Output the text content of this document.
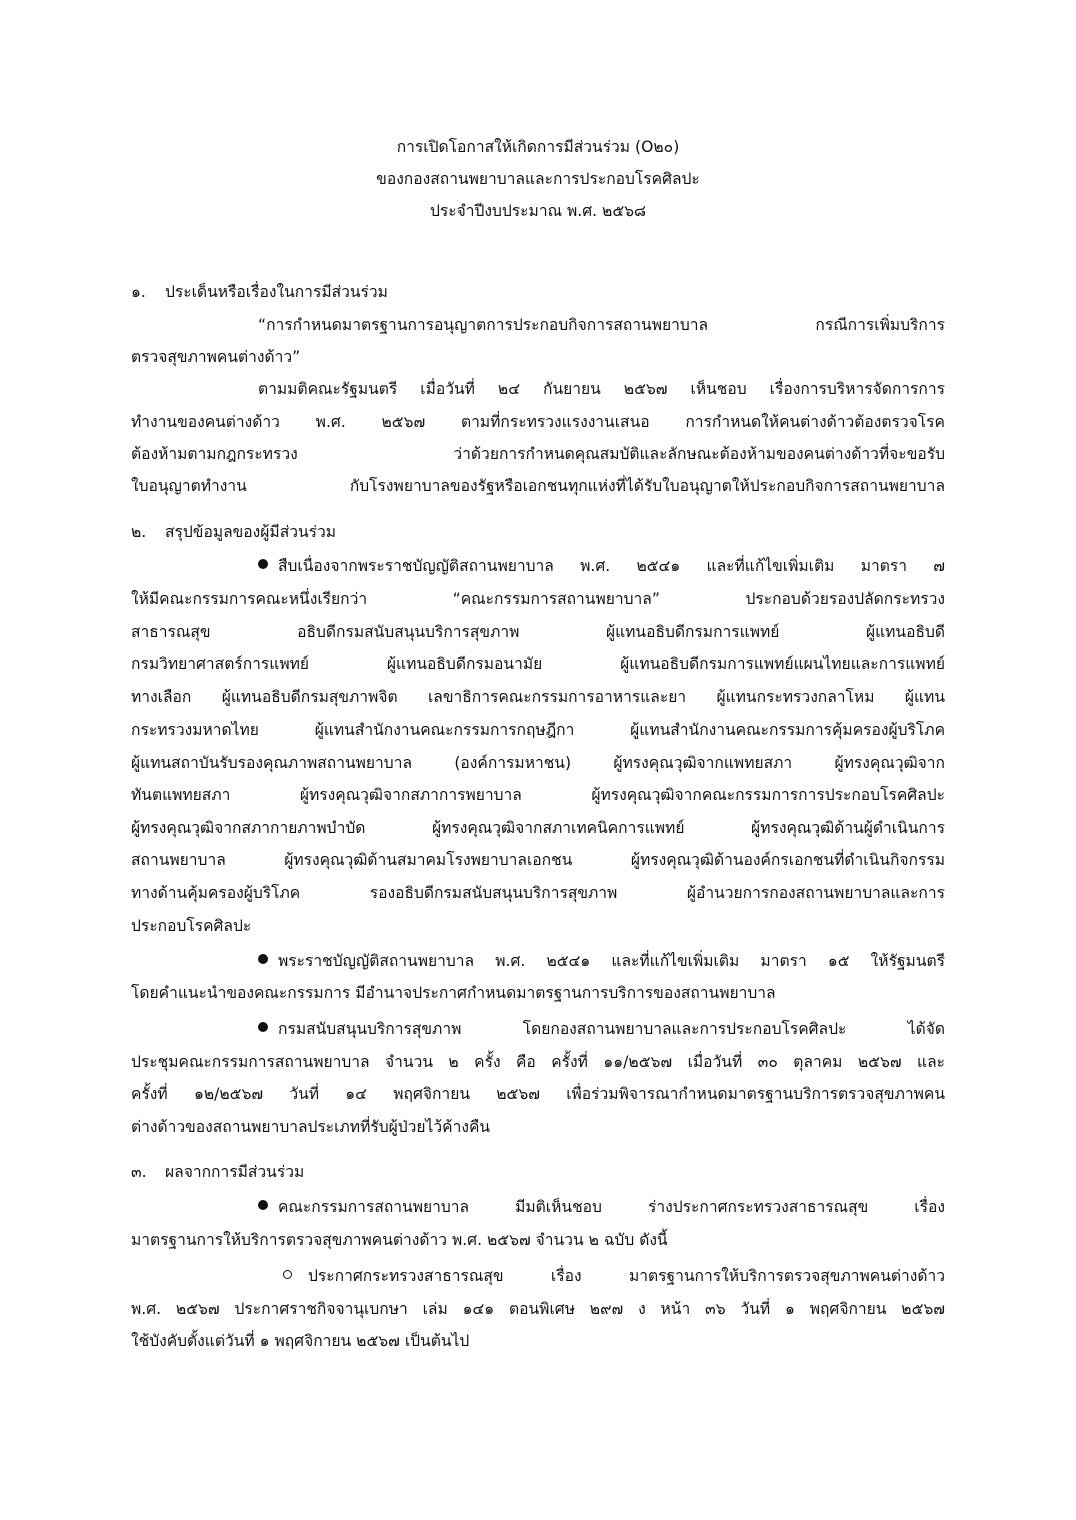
การเปิดโอกาสให้เกิดการมีส่วนร่วม (O๒๐)
ของกองสถานพยาบาลและการประกอบโรคศิลปะ
ประจำปีงบประมาณ พ.ศ. ๒๕๖๘
๑. ประเด็นหรือเรื่องในการมีส่วนร่วม
“การกำหนดมาตรฐานการอนุญาตการประกอบกิจการสถานพยาบาล กรณีการเพิ่มบริการ
ตรวจสุขภาพคนต่างด้าว”
ตามมติคณะรัฐมนตรี เมื่อวันที่ ๒๔ กันยายน ๒๕๖๗ เห็นชอบ เรื่องการบริหารจัดการการ
ทำงานของคนต่างด้าว พ.ศ. ๒๕๖๗ ตามที่กระทรวงแรงงานเสนอ การกำหนดให้คนต่างด้าวต้องตรวจโรค
ต้องห้ามตามกฎกระทรวง ว่าด้วยการกำหนดคุณสมบัติและลักษณะต้องห้ามของคนต่างด้าวที่จะขอรับ
ใบอนุญาตทำงาน กับโรงพยาบาลของรัฐหรือเอกชนทุกแห่งที่ได้รับใบอนุญาตให้ประกอบกิจการสถานพยาบาล
๒. สรุปข้อมูลของผู้มีส่วนร่วม
สืบเนื่องจากพระราชบัญญัติสถานพยาบาล พ.ศ. ๒๕๔๑ และที่แก้ไขเพิ่มเติม มาตรา ๗
ให้มีคณะกรรมการคณะหนึ่งเรียกว่า “คณะกรรมการสถานพยาบาล” ประกอบด้วยรองปลัดกระทรวง
สาธารณสุข อธิบดีกรมสนับสนุนบริการสุขภาพ ผู้แทนอธิบดีกรมการแพทย์ ผู้แทนอธิบดี
กรมวิทยาศาสตร์การแพทย์ ผู้แทนอธิบดีกรมอนามัย ผู้แทนอธิบดีกรมการแพทย์แผนไทยและการแพทย์
ทางเลือก ผู้แทนอธิบดีกรมสุขภาพจิต เลขาธิการคณะกรรมการอาหารและยา ผู้แทนกระทรวงกลาโหม ผู้แทน
กระทรวงมหาดไทย ผู้แทนสำนักงานคณะกรรมการกฤษฎีกา ผู้แทนสำนักงานคณะกรรมการคุ้มครองผู้บริโภค
ผู้แทนสถาบันรับรองคุณภาพสถานพยาบาล (องค์การมหาชน) ผู้ทรงคุณวุฒิจากแพทยสภา ผู้ทรงคุณวุฒิจาก
ทันตแพทยสภา ผู้ทรงคุณวุฒิจากสภาการพยาบาล ผู้ทรงคุณวุฒิจากคณะกรรมการการประกอบโรคศิลปะ
ผู้ทรงคุณวุฒิจากสภากายภาพบำบัด ผู้ทรงคุณวุฒิจากสภาเทคนิคการแพทย์ ผู้ทรงคุณวุฒิด้านผู้ดำเนินการ
สถานพยาบาล ผู้ทรงคุณวุฒิด้านสมาคมโรงพยาบาลเอกชน ผู้ทรงคุณวุฒิด้านองค์กรเอกชนที่ดำเนินกิจกรรม
ทางด้านคุ้มครองผู้บริโภค รองอธิบดีกรมสนับสนุนบริการสุขภาพ ผู้อำนวยการกองสถานพยาบาลและการ
ประกอบโรคศิลปะ
พระราชบัญญัติสถานพยาบาล พ.ศ. ๒๕๔๑ และที่แก้ไขเพิ่มเติม มาตรา ๑๕ ให้รัฐมนตรี
โดยคำแนะนำของคณะกรรมการ มีอำนาจประกาศกำหนดมาตรฐานการบริการของสถานพยาบาล
กรมสนับสนุนบริการสุขภาพ โดยกองสถานพยาบาลและการประกอบโรคศิลปะ ได้จัด
ประชุมคณะกรรมการสถานพยาบาล จำนวน ๒ ครั้ง คือ ครั้งที่ ๑๑/๒๕๖๗ เมื่อวันที่ ๓๐ ตุลาคม ๒๕๖๗ และ
ครั้งที่ ๑๒/๒๕๖๗ วันที่ ๑๔ พฤศจิกายน ๒๕๖๗ เพื่อร่วมพิจารณากำหนดมาตรฐานบริการตรวจสุขภาพคน
ต่างด้าวของสถานพยาบาลประเภทที่รับผู้ป่วยไว้ค้างคืน
๓. ผลจากการมีส่วนร่วม
คณะกรรมการสถานพยาบาล มีมติเห็นชอบ ร่างประกาศกระทรวงสาธารณสุข เรื่อง
มาตรฐานการให้บริการตรวจสุขภาพคนต่างด้าว พ.ศ. ๒๕๖๗ จำนวน ๒ ฉบับ ดังนี้
ประกาศกระทรวงสาธารณสุข เรื่อง มาตรฐานการให้บริการตรวจสุขภาพคนต่างด้าว
พ.ศ. ๒๕๖๗ ประกาศราชกิจจานุเบกษา เล่ม ๑๔๑ ตอนพิเศษ ๒๙๗ ง หน้า ๓๖ วันที่ ๑ พฤศจิกายน ๒๕๖๗
ใช้บังคับตั้งแต่วันที่ ๑ พฤศจิกายน ๒๕๖๗ เป็นต้นไป
